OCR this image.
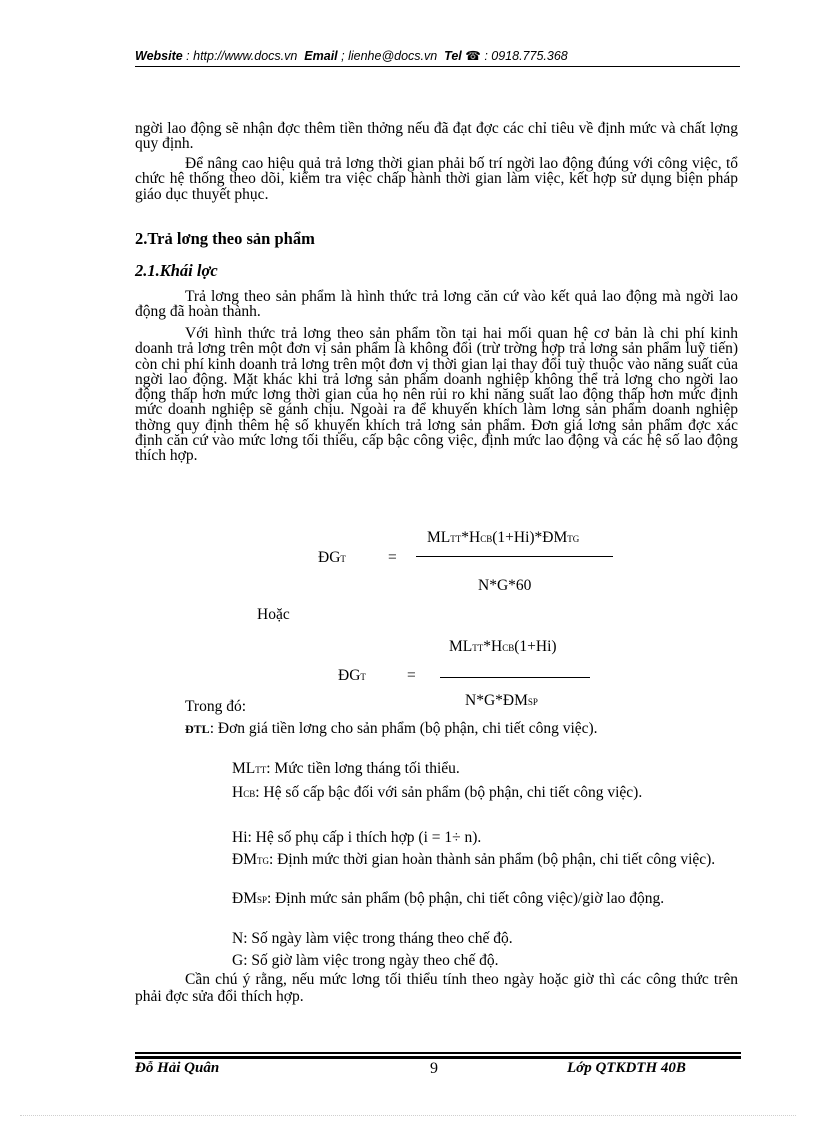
Website : http://www.docs.vn Email ; lienhe@docs.vn Tel ☎ : 0918.775.368
ngời lao động sẽ nhận đợc thêm tiền thởng nếu đã đạt đợc các chỉ tiêu về định mức và chất lợng quy định.
Để nâng cao hiệu quả trả lơng thời gian phải bố trí ngời lao động đúng với công việc, tổ chức hệ thống theo dõi, kiểm tra việc chấp hành thời gian làm việc, kết hợp sử dụng biện pháp giáo dục thuyết phục.
2.Trả lơng theo sản phẩm
2.1.Khái lợc
Trả lơng theo sản phẩm là hình thức trả lơng căn cứ vào kết quả lao động mà ngời lao động đã hoàn thành.
Với hình thức trả lơng theo sản phẩm tồn tại hai mối quan hệ cơ bản là chi phí kinh doanh trả lơng trên một đơn vị sản phẩm là không đổi (trừ trờng hợp trả lơng sản phẩm luỹ tiến) còn chi phí kinh doanh trả lơng trên một đơn vị thời gian lại thay đổi tuỳ thuộc vào năng suất của ngời lao động. Mặt khác khi trả lơng sản phẩm doanh nghiệp không thể trả lơng cho ngời lao động thấp hơn mức lơng thời gian của họ nên rủi ro khi năng suất lao động thấp hơn mức định mức doanh nghiệp sẽ gánh chịu. Ngoài ra để khuyến khích làm lơng sản phẩm doanh nghiệp thờng quy định thêm hệ số khuyến khích trả lơng sản phẩm. Đơn giá lơng sản phẩm đợc xác định căn cứ vào mức lơng tối thiểu, cấp bậc công việc, định mức lao động và các hệ số lao động thích hợp.
MLTT*HCB(1+Hi)*ĐMTG
ĐGT	=
N*G*60
Hoặc
MLTT*HCB(1+Hi)
ĐGT	=
N*G*ĐMSP
Trong đó:
ĐTL: Đơn giá tiền lơng cho sản phẩm (bộ phận, chi tiết công việc).
MLTT: Mức tiền lơng tháng tối thiểu.
HCB: Hệ số cấp bậc đối với sản phẩm (bộ phận, chi tiết công việc).
Hi: Hệ số phụ cấp i thích hợp (i = 1÷ n).
ĐMTG: Định mức thời gian hoàn thành sản phẩm (bộ phận, chi tiết công việc).
ĐMSP: Định mức sản phẩm (bộ phận, chi tiết công việc)/giờ lao động.
N: Số ngày làm việc trong tháng theo chế độ.
G: Số giờ làm việc trong ngày theo chế độ.
Cần chú ý rằng, nếu mức lơng tối thiểu tính theo ngày hoặc giờ thì các công thức trên phải đợc sửa đổi thích hợp.
Đỗ Hải Quân	9	Lớp QTKDTH 40B
